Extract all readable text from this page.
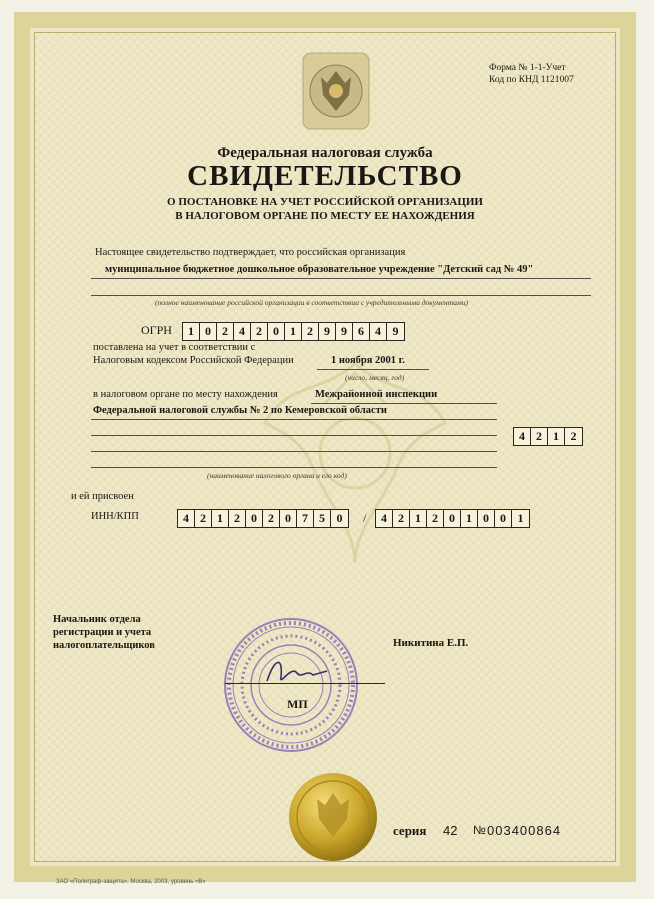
Форма № 1-1-Учет
Код по КНД 1121007
Федеральная налоговая служба
СВИДЕТЕЛЬСТВО
О ПОСТАНОВКЕ НА УЧЕТ РОССИЙСКОЙ ОРГАНИЗАЦИИ
В НАЛОГОВОМ ОРГАНЕ ПО МЕСТУ ЕЕ НАХОЖДЕНИЯ
Настоящее свидетельство подтверждает, что российская организация
муниципальное бюджетное дошкольное образовательное учреждение "Детский сад № 49"
(полное наименование российской организации в соответствии с учредительными документами)
ОГРН	1 0 2 4 2 0 1 2 9 9 6 4 9
поставлена на учет в соответствии с
Налоговым кодексом Российской Федерации	1 ноября 2001 г.
(число, месяц, год)
в налоговом органе по месту нахождения	Межрайонной инспекции
Федеральной налоговой службы № 2 по Кемеровской области
4 2 1 2
(наименование налогового органа и его код)
и ей присвоен
ИНН/КПП	4 2 1 2 0 2 0 7 5 0	/	4 2 1 2 0 1 0 0 1
Начальник отдела
регистрации и учета
налогоплательщиков	Никитина Е.П.
МП
серия 42 № 003400864
ЗАО «Полиграф-защита», Москва, 2003, уровень «В»
